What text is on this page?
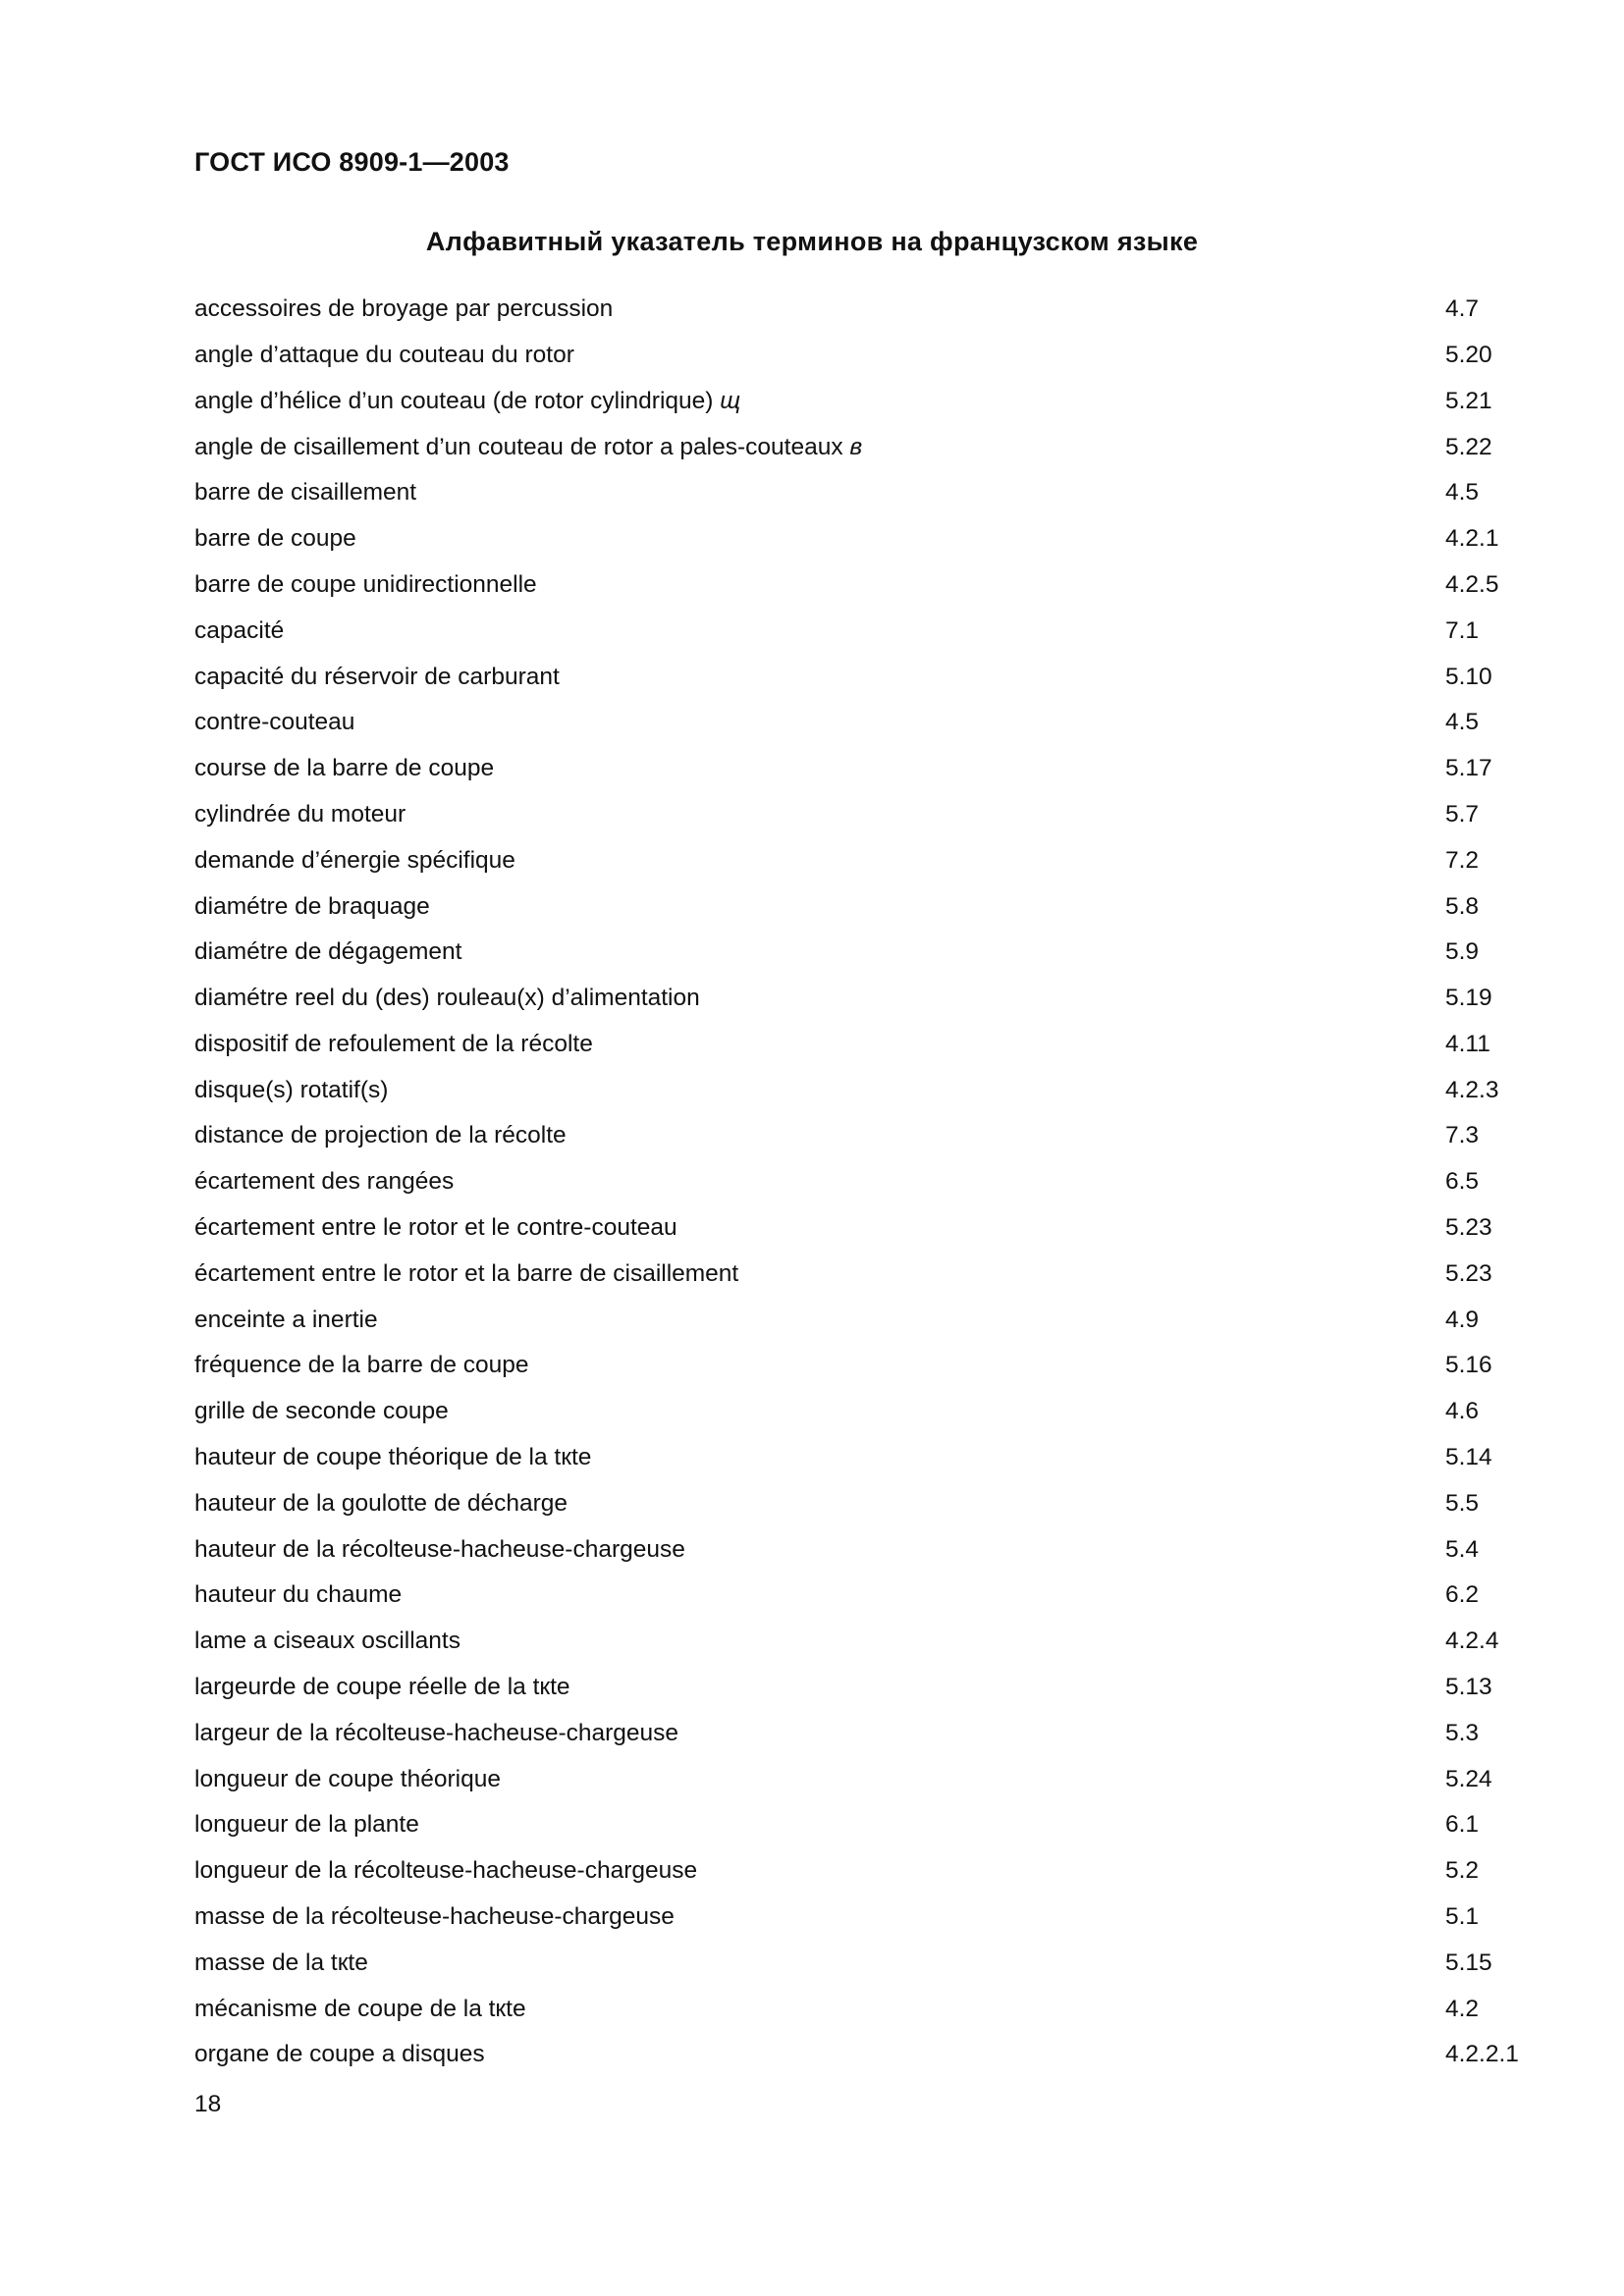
ГОСТ ИСО 8909-1—2003
Алфавитный указатель терминов на французском языке
accessoires de broyage par percussion	4.7
angle d’attaque du couteau du rotor	5.20
angle d’hélice d’un couteau (de rotor cylindrique) щ	5.21
angle de cisaillement d’un couteau de rotor a pales-couteaux в	5.22
barre de cisaillement	4.5
barre de coupe	4.2.1
barre de coupe unidirectionnelle	4.2.5
capacité	7.1
capacité du réservoir de carburant	5.10
contre-couteau	4.5
course de la barre de coupe	5.17
cylindrée du moteur	5.7
demande d’énergie spécifique	7.2
diamétre de braquage	5.8
diamétre de dégagement	5.9
diamétre reel du (des) rouleau(x) d’alimentation	5.19
dispositif de refoulement de la récolte	4.11
disque(s) rotatif(s)	4.2.3
distance de projection de la récolte	7.3
écartement des rangées	6.5
écartement entre le rotor et le contre-couteau	5.23
écartement entre le rotor et la barre de cisaillement	5.23
enceinte a inertie	4.9
fréquence de la barre de coupe	5.16
grille de seconde coupe	4.6
hauteur de coupe théorique de la tкte	5.14
hauteur de la goulotte de décharge	5.5
hauteur de la récolteuse-hacheuse-chargeuse	5.4
hauteur du chaume	6.2
lame a ciseaux oscillants	4.2.4
largeurde de coupe réelle de la tкte	5.13
largeur de la récolteuse-hacheuse-chargeuse	5.3
longueur de coupe théorique	5.24
longueur de la plante	6.1
longueur de la récolteuse-hacheuse-chargeuse	5.2
masse de la récolteuse-hacheuse-chargeuse	5.1
masse de la tкte	5.15
mécanisme de coupe de la tкte	4.2
organe de coupe a disques	4.2.2.1
18
